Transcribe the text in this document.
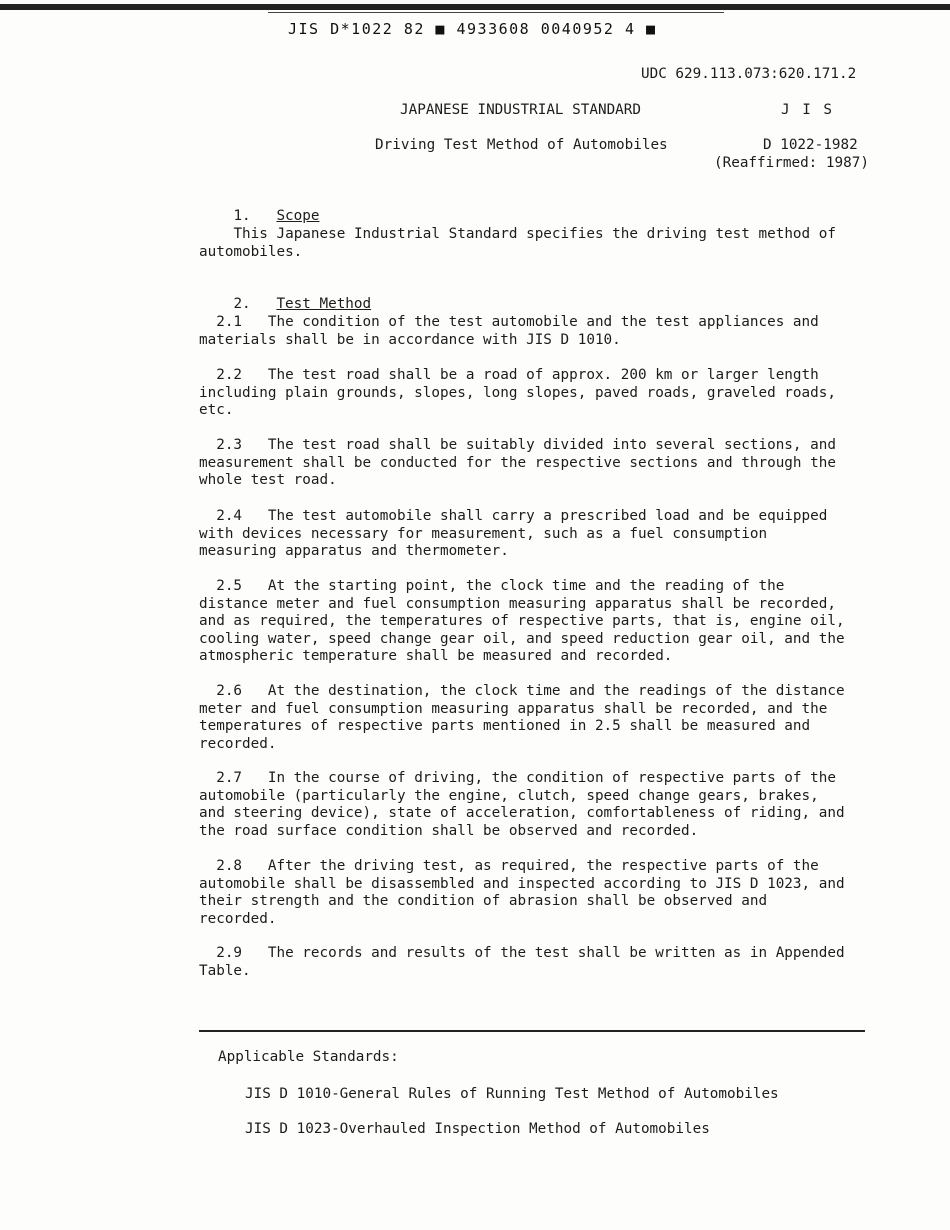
JIS D*1022 82 ■ 4933608 0040952 4 ■
UDC 629.113.073:620.171.2
JAPANESE INDUSTRIAL STANDARD	J I S
Driving Test Method of Automobiles	D 1022-1982
(Reaffirmed: 1987)

1. Scope

This Japanese Industrial Standard specifies the driving test method of
automobiles.

2. Test Method

2.1   The condition of the test automobile and the test appliances and
materials shall be in accordance with JIS D 1010.
2.2   The test road shall be a road of approx. 200 km or larger length
including plain grounds, slopes, long slopes, paved roads, graveled roads,
etc.
2.3   The test road shall be suitably divided into several sections, and
measurement shall be conducted for the respective sections and through the
whole test road.
2.4   The test automobile shall carry a prescribed load and be equipped
with devices necessary for measurement, such as a fuel consumption
measuring apparatus and thermometer.
2.5   At the starting point, the clock time and the reading of the
distance meter and fuel consumption measuring apparatus shall be recorded,
and as required, the temperatures of respective parts, that is, engine oil,
cooling water, speed change gear oil, and speed reduction gear oil, and the
atmospheric temperature shall be measured and recorded.
2.6   At the destination, the clock time and the readings of the distance
meter and fuel consumption measuring apparatus shall be recorded, and the
temperatures of respective parts mentioned in 2.5 shall be measured and
recorded.
2.7   In the course of driving, the condition of respective parts of the
automobile (particularly the engine, clutch, speed change gears, brakes,
and steering device), state of acceleration, comfortableness of riding, and
the road surface condition shall be observed and recorded.
2.8   After the driving test, as required, the respective parts of the
automobile shall be disassembled and inspected according to JIS D 1023, and
their strength and the condition of abrasion shall be observed and
recorded.
2.9   The records and results of the test shall be written as in Appended
Table.
Applicable Standards:
JIS D 1010-General Rules of Running Test Method of Automobiles
JIS D 1023-Overhauled Inspection Method of Automobiles
